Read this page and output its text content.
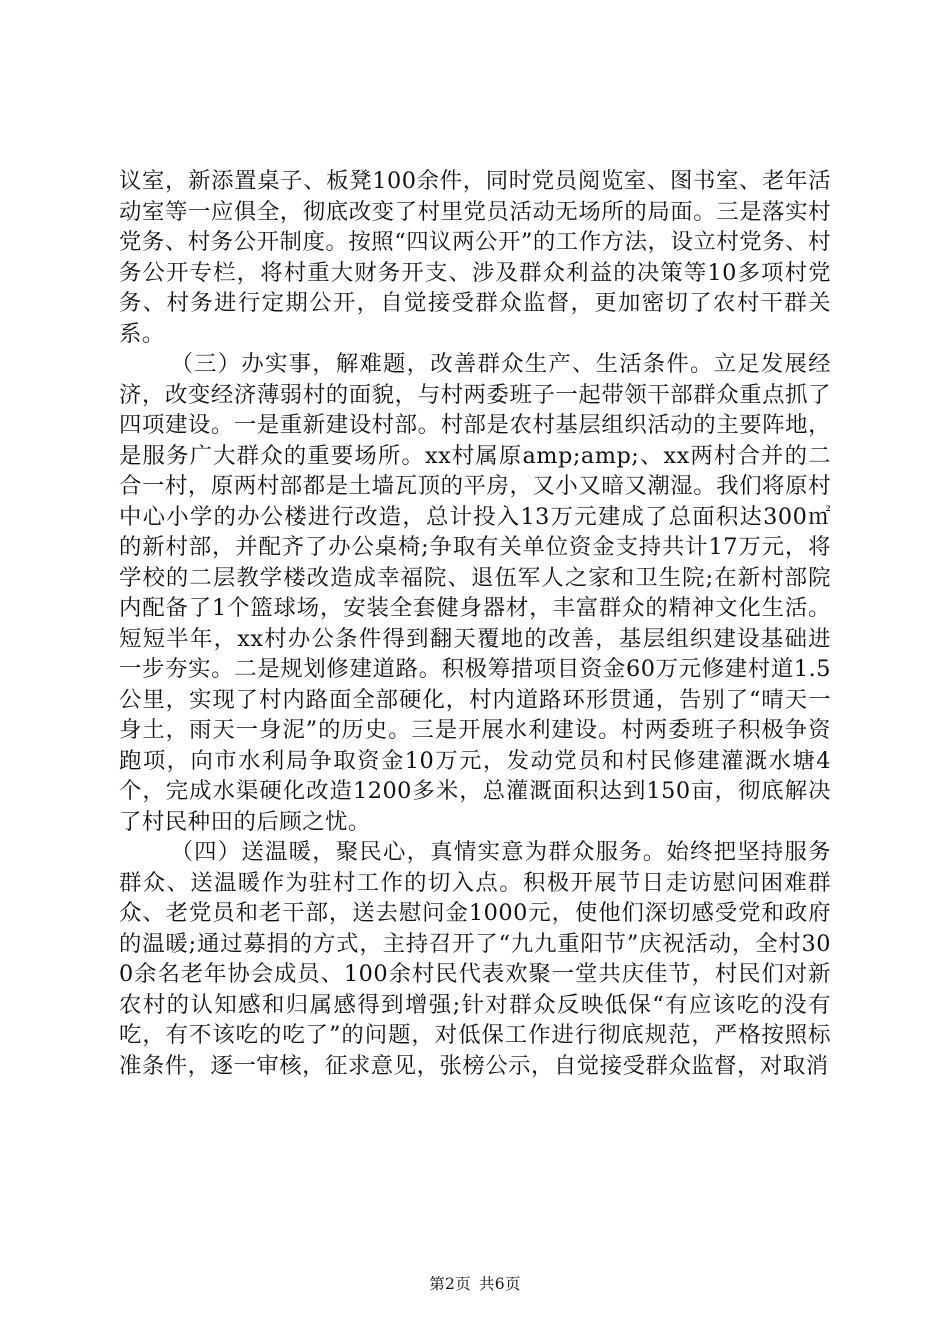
议室，新添置桌子、板凳100余件，同时党员阅览室、图书室、老年活动室等一应俱全，彻底改变了村里党员活动无场所的局面。三是落实村党务、村务公开制度。按照“四议两公开”的工作方法，设立村党务、村务公开专栏，将村重大财务开支、涉及群众利益的决策等10多项村党务、村务进行定期公开，自觉接受群众监督，更加密切了农村干群关系。

（三）办实事，解难题，改善群众生产、生活条件。立足发展经济，改变经济薄弱村的面貌，与村两委班子一起带领干部群众重点抓了四项建设。一是重新建设村部。村部是农村基层组织活动的主要阵地，是服务广大群众的重要场所。xx村属原amp;amp;、xx两村合并的二合一村，原两村部都是土墙瓦顶的平房，又小又暗又潮湿。我们将原村中心小学的办公楼进行改造，总计投入13万元建成了总面积达300㎡的新村部，并配齐了办公桌椅;争取有关单位资金支持共计17万元，将学校的二层教学楼改造成幸福院、退伍军人之家和卫生院;在新村部院内配备了1个篮球场，安装全套健身器材，丰富群众的精神文化生活。短短半年，xx村办公条件得到翻天覆地的改善，基层组织建设基础进一步夯实。二是规划修建道路。积极筹措项目资金60万元修建村道1.5公里，实现了村内路面全部硬化，村内道路环形贯通，告别了“晴天一身土，雨天一身泥”的历史。三是开展水利建设。村两委班子积极争资跑项，向市水利局争取资金10万元，发动党员和村民修建灌溉水塘4个，完成水渠硬化改造1200多米，总灌溉面积达到150亩，彻底解决了村民种田的后顾之忧。

（四）送温暖，聚民心，真情实意为群众服务。始终把坚持服务群众、送温暖作为驻村工作的切入点。积极开展节日走访慰问困难群众、老党员和老干部，送去慰问金1000元，使他们深切感受党和政府的温暖;通过募捐的方式，主持召开了“九九重阳节”庆祝活动，全村300余名老年协会成员、100余村民代表欢聚一堂共庆佳节，村民们对新农村的认知感和归属感得到增强;针对群众反映低保“有应该吃的没有吃，有不该吃的吃了”的问题，对低保工作进行彻底规范，严格按照标准条件，逐一审核，征求意见，张榜公示，自觉接受群众监督，对取消

第2页 共6页
